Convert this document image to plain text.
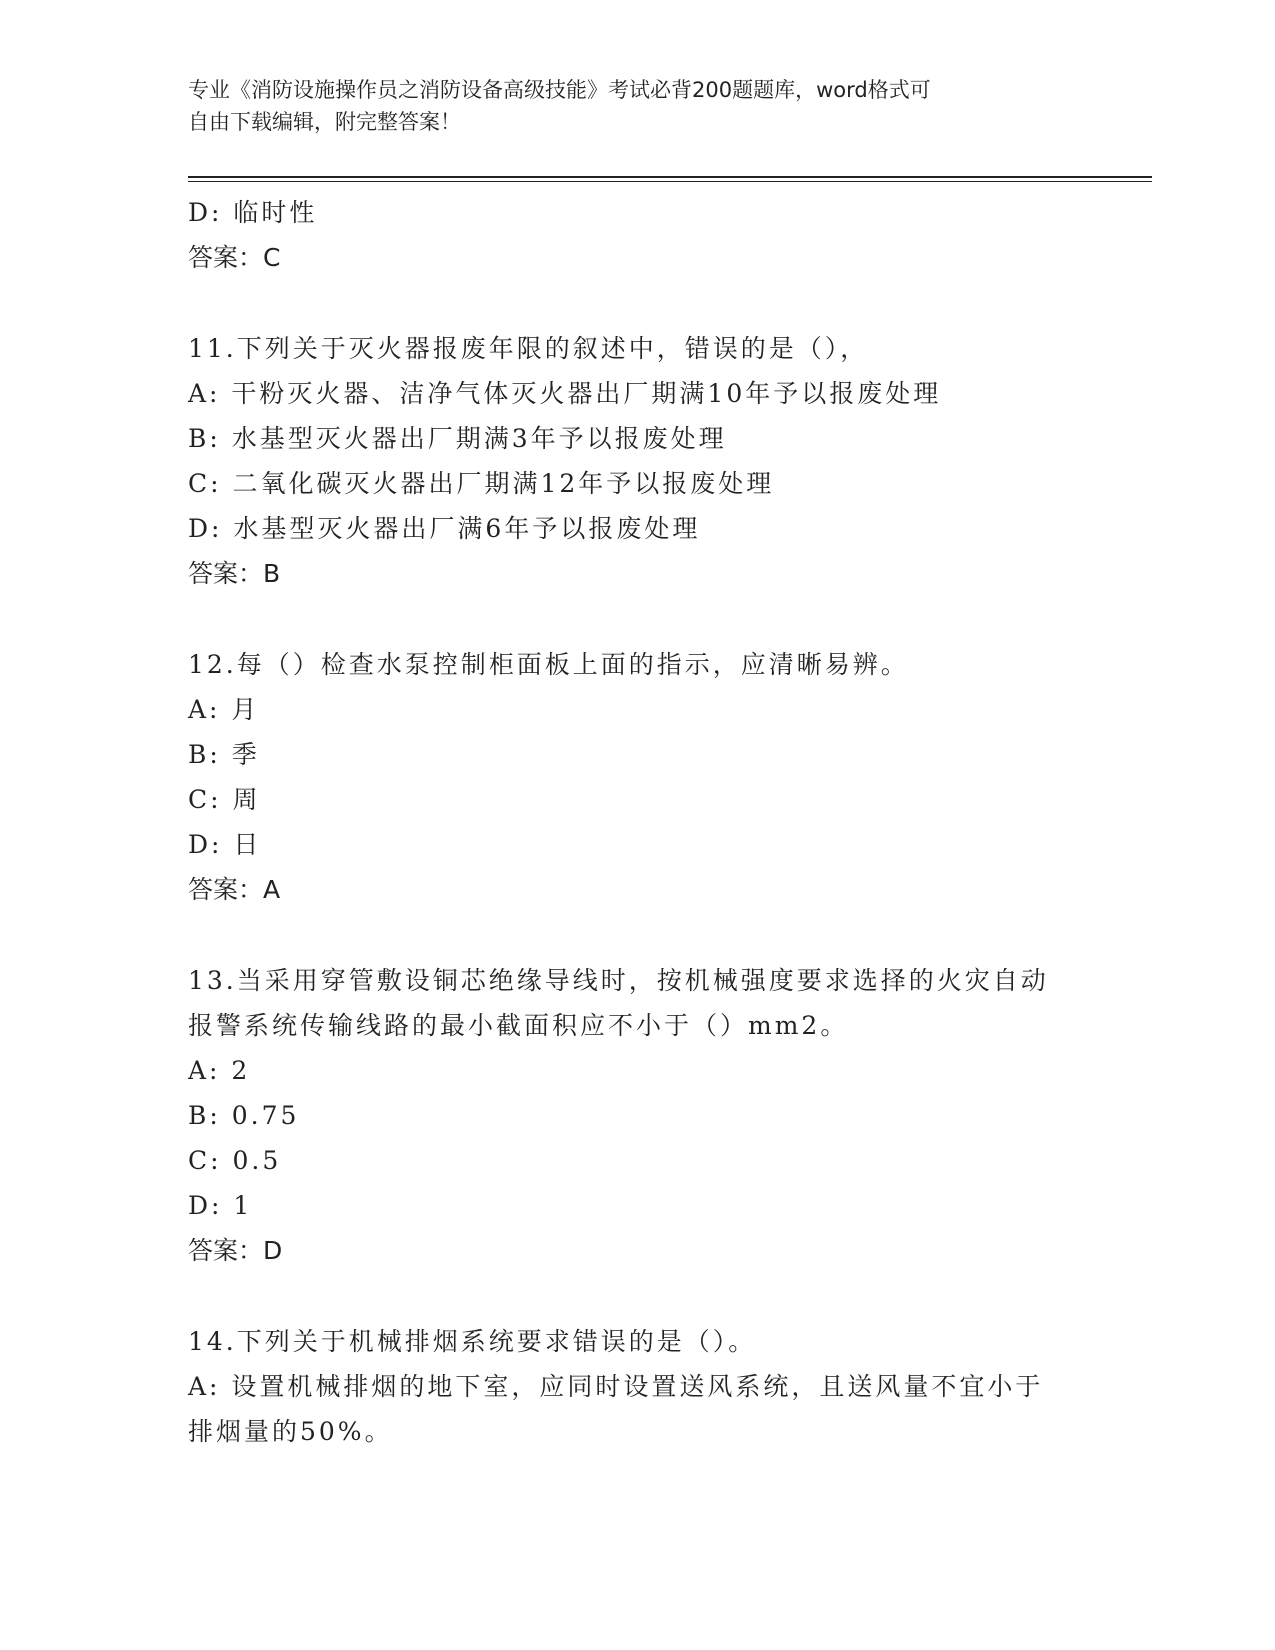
专业《消防设施操作员之消防设备高级技能》考试必背200题题库，word格式可
自由下载编辑，附完整答案！
D: 临时性
答案：C
11.下列关于灭火器报废年限的叙述中，错误的是（），
A: 干粉灭火器、洁净气体灭火器出厂期满10年予以报废处理
B: 水基型灭火器出厂期满3年予以报废处理
C: 二氧化碳灭火器出厂期满12年予以报废处理
D: 水基型灭火器出厂满6年予以报废处理
答案：B
12.每（）检查水泵控制柜面板上面的指示，应清晰易辨。
A: 月
B: 季
C: 周
D: 日
答案：A
13.当采用穿管敷设铜芯绝缘导线时，按机械强度要求选择的火灾自动
报警系统传输线路的最小截面积应不小于（）mm2。
A: 2
B: 0.75
C: 0.5
D: 1
答案：D
14.下列关于机械排烟系统要求错误的是（）。
A: 设置机械排烟的地下室，应同时设置送风系统，且送风量不宜小于
排烟量的50%。
